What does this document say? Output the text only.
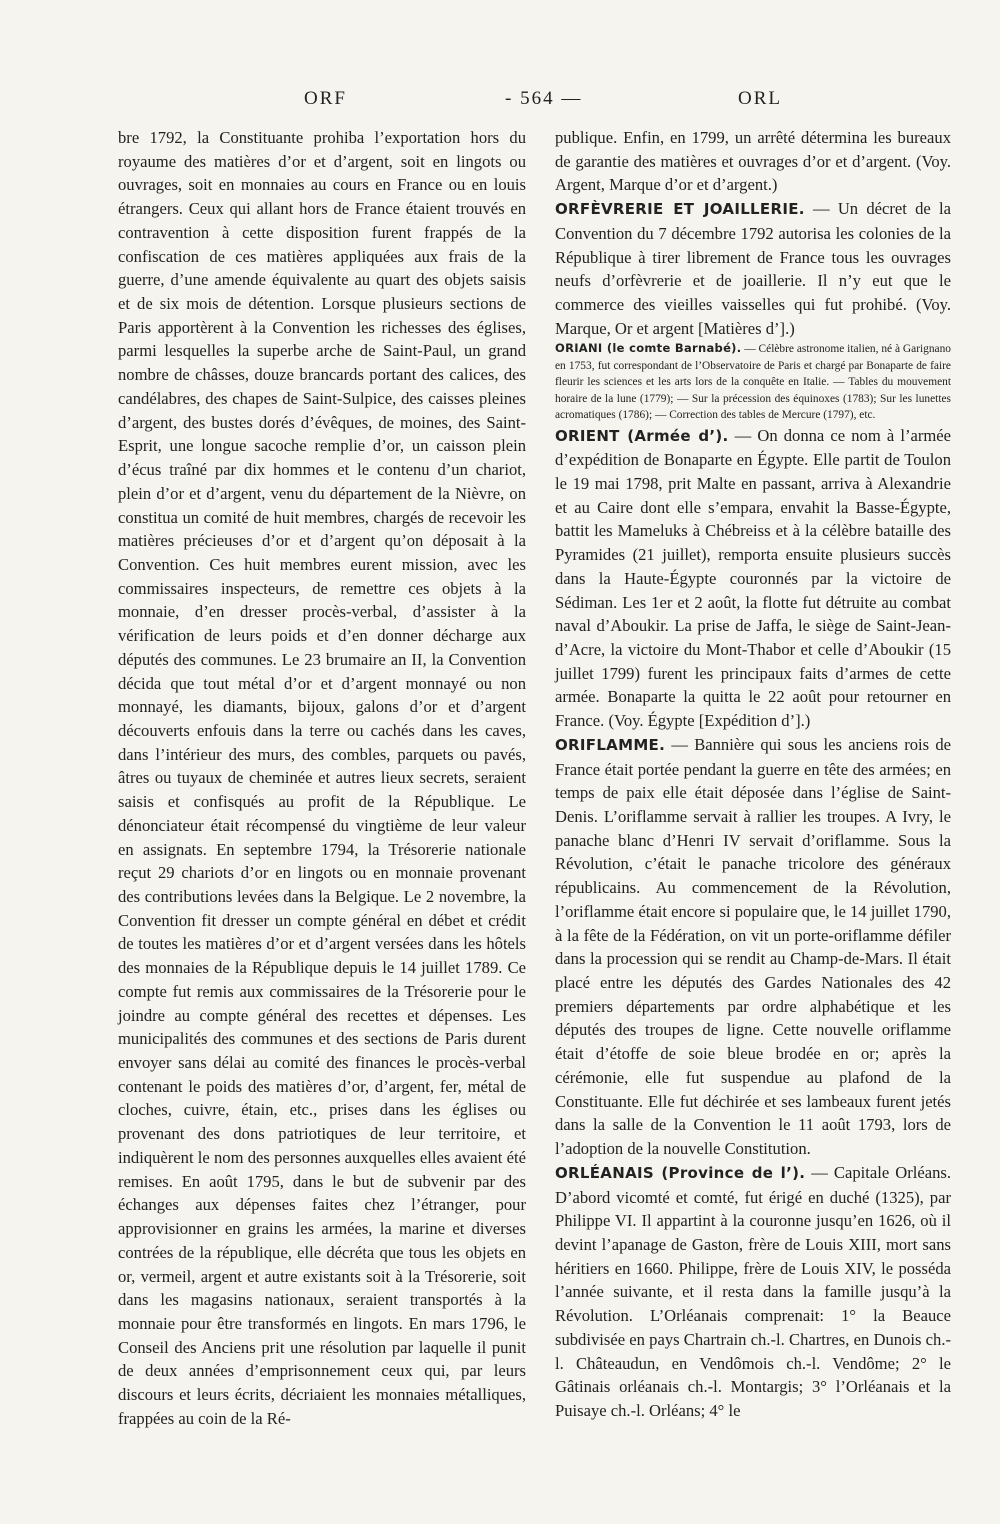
ORF	- 564 —	ORL

bre 1792, la Constituante prohiba l’exportation hors du royaume des matières d’or et d’argent, soit en lingots ou ouvrages, soit en monnaies au cours en France ou en louis étrangers. Ceux qui allant hors de France étaient trouvés en contravention à cette disposition furent frappés de la confiscation de ces matières appliquées aux frais de la guerre, d’une amende équivalente au quart des objets saisis et de six mois de détention. Lorsque plusieurs sections de Paris apportèrent à la Convention les richesses des églises, parmi lesquelles la superbe arche de Saint-Paul, un grand nombre de châsses, douze brancards portant des calices, des candélabres, des chapes de Saint-Sulpice, des caisses pleines d’argent, des bustes dorés d’évêques, de moines, des Saint-Esprit, une longue sacoche remplie d’or, un caisson plein d’écus traîné par dix hommes et le contenu d’un chariot, plein d’or et d’argent, venu du département de la Nièvre, on constitua un comité de huit membres, chargés de recevoir les matières précieuses d’or et d’argent qu’on déposait à la Convention. Ces huit membres eurent mission, avec les commissaires inspecteurs, de remettre ces objets à la monnaie, d’en dresser procès-verbal, d’assister à la vérification de leurs poids et d’en donner décharge aux députés des communes. Le 23 brumaire an II, la Convention décida que tout métal d’or et d’argent monnayé ou non monnayé, les diamants, bijoux, galons d’or et d’argent découverts enfouis dans la terre ou cachés dans les caves, dans l’intérieur des murs, des combles, parquets ou pavés, âtres ou tuyaux de cheminée et autres lieux secrets, seraient saisis et confisqués au profit de la République. Le dénonciateur était récompensé du vingtième de leur valeur en assignats. En septembre 1794, la Trésorerie nationale reçut 29 chariots d’or en lingots ou en monnaie provenant des contributions levées dans la Belgique. Le 2 novembre, la Convention fit dresser un compte général en débet et crédit de toutes les matières d’or et d’argent versées dans les hôtels des monnaies de la République depuis le 14 juillet 1789. Ce compte fut remis aux commissaires de la Trésorerie pour le joindre au compte général des recettes et dépenses. Les municipalités des communes et des sections de Paris durent envoyer sans délai au comité des finances le procès-verbal contenant le poids des matières d’or, d’argent, fer, métal de cloches, cuivre, étain, etc., prises dans les églises ou provenant des dons patriotiques de leur territoire, et indiquèrent le nom des personnes auxquelles elles avaient été remises. En août 1795, dans le but de subvenir par des échanges aux dépenses faites chez l’étranger, pour approvisionner en grains les armées, la marine et diverses contrées de la république, elle décréta que tous les objets en or, vermeil, argent et autre existants soit à la Trésorerie, soit dans les magasins nationaux, seraient transportés à la monnaie pour être transformés en lingots. En mars 1796, le Conseil des Anciens prit une résolution par laquelle il punit de deux années d’emprisonnement ceux qui, par leurs discours et leurs écrits, décriaient les monnaies métalliques, frappées au coin de la Ré-

publique. Enfin, en 1799, un arrêté détermina les bureaux de garantie des matières et ouvrages d’or et d’argent. (Voy. Argent, Marque d’or et d’argent.)

ORFÈVRERIE ET JOAILLERIE. — Un décret de la Convention du 7 décembre 1792 autorisa les colonies de la République à tirer librement de France tous les ouvrages neufs d’orfèvrerie et de joaillerie. Il n’y eut que le commerce des vieilles vaisselles qui fut prohibé. (Voy. Marque, Or et argent [Matières d’].)

ORIANI (le comte Barnabé). — Célèbre astronome italien, né à Garignano en 1753, fut correspondant de l’Observatoire de Paris et chargé par Bonaparte de faire fleurir les sciences et les arts lors de la conquête en Italie. — Tables du mouvement horaire de la lune (1779); — Sur la précession des équinoxes (1783); Sur les lunettes acromatiques (1786); — Correction des tables de Mercure (1797), etc.

ORIENT (Armée d’). — On donna ce nom à l’armée d’expédition de Bonaparte en Égypte. Elle partit de Toulon le 19 mai 1798, prit Malte en passant, arriva à Alexandrie et au Caire dont elle s’empara, envahit la Basse-Égypte, battit les Mameluks à Chébreiss et à la célèbre bataille des Pyramides (21 juillet), remporta ensuite plusieurs succès dans la Haute-Égypte couronnés par la victoire de Sédiman. Les 1er et 2 août, la flotte fut détruite au combat naval d’Aboukir. La prise de Jaffa, le siège de Saint-Jean-d’Acre, la victoire du Mont-Thabor et celle d’Aboukir (15 juillet 1799) furent les principaux faits d’armes de cette armée. Bonaparte la quitta le 22 août pour retourner en France. (Voy. Égypte [Expédition d’].)

ORIFLAMME. — Bannière qui sous les anciens rois de France était portée pendant la guerre en tête des armées; en temps de paix elle était déposée dans l’église de Saint-Denis. L’oriflamme servait à rallier les troupes. A Ivry, le panache blanc d’Henri IV servait d’oriflamme. Sous la Révolution, c’était le panache tricolore des généraux républicains. Au commencement de la Révolution, l’oriflamme était encore si populaire que, le 14 juillet 1790, à la fête de la Fédération, on vit un porte-oriflamme défiler dans la procession qui se rendit au Champ-de-Mars. Il était placé entre les députés des Gardes Nationales des 42 premiers départements par ordre alphabétique et les députés des troupes de ligne. Cette nouvelle oriflamme était d’étoffe de soie bleue brodée en or; après la cérémonie, elle fut suspendue au plafond de la Constituante. Elle fut déchirée et ses lambeaux furent jetés dans la salle de la Convention le 11 août 1793, lors de l’adoption de la nouvelle Constitution.

ORLÉANAIS (Province de l’). — Capitale Orléans. D’abord vicomté et comté, fut érigé en duché (1325), par Philippe VI. Il appartint à la couronne jusqu’en 1626, où il devint l’apanage de Gaston, frère de Louis XIII, mort sans héritiers en 1660. Philippe, frère de Louis XIV, le posséda l’année suivante, et il resta dans la famille jusqu’à la Révolution. L’Orléanais comprenait: 1° la Beauce subdivisée en pays Chartrain ch.-l. Chartres, en Dunois ch.-l. Châteaudun, en Vendômois ch.-l. Vendôme; 2° le Gâtinais orléanais ch.-l. Montargis; 3° l’Orléanais et la Puisaye ch.-l. Orléans; 4° le
